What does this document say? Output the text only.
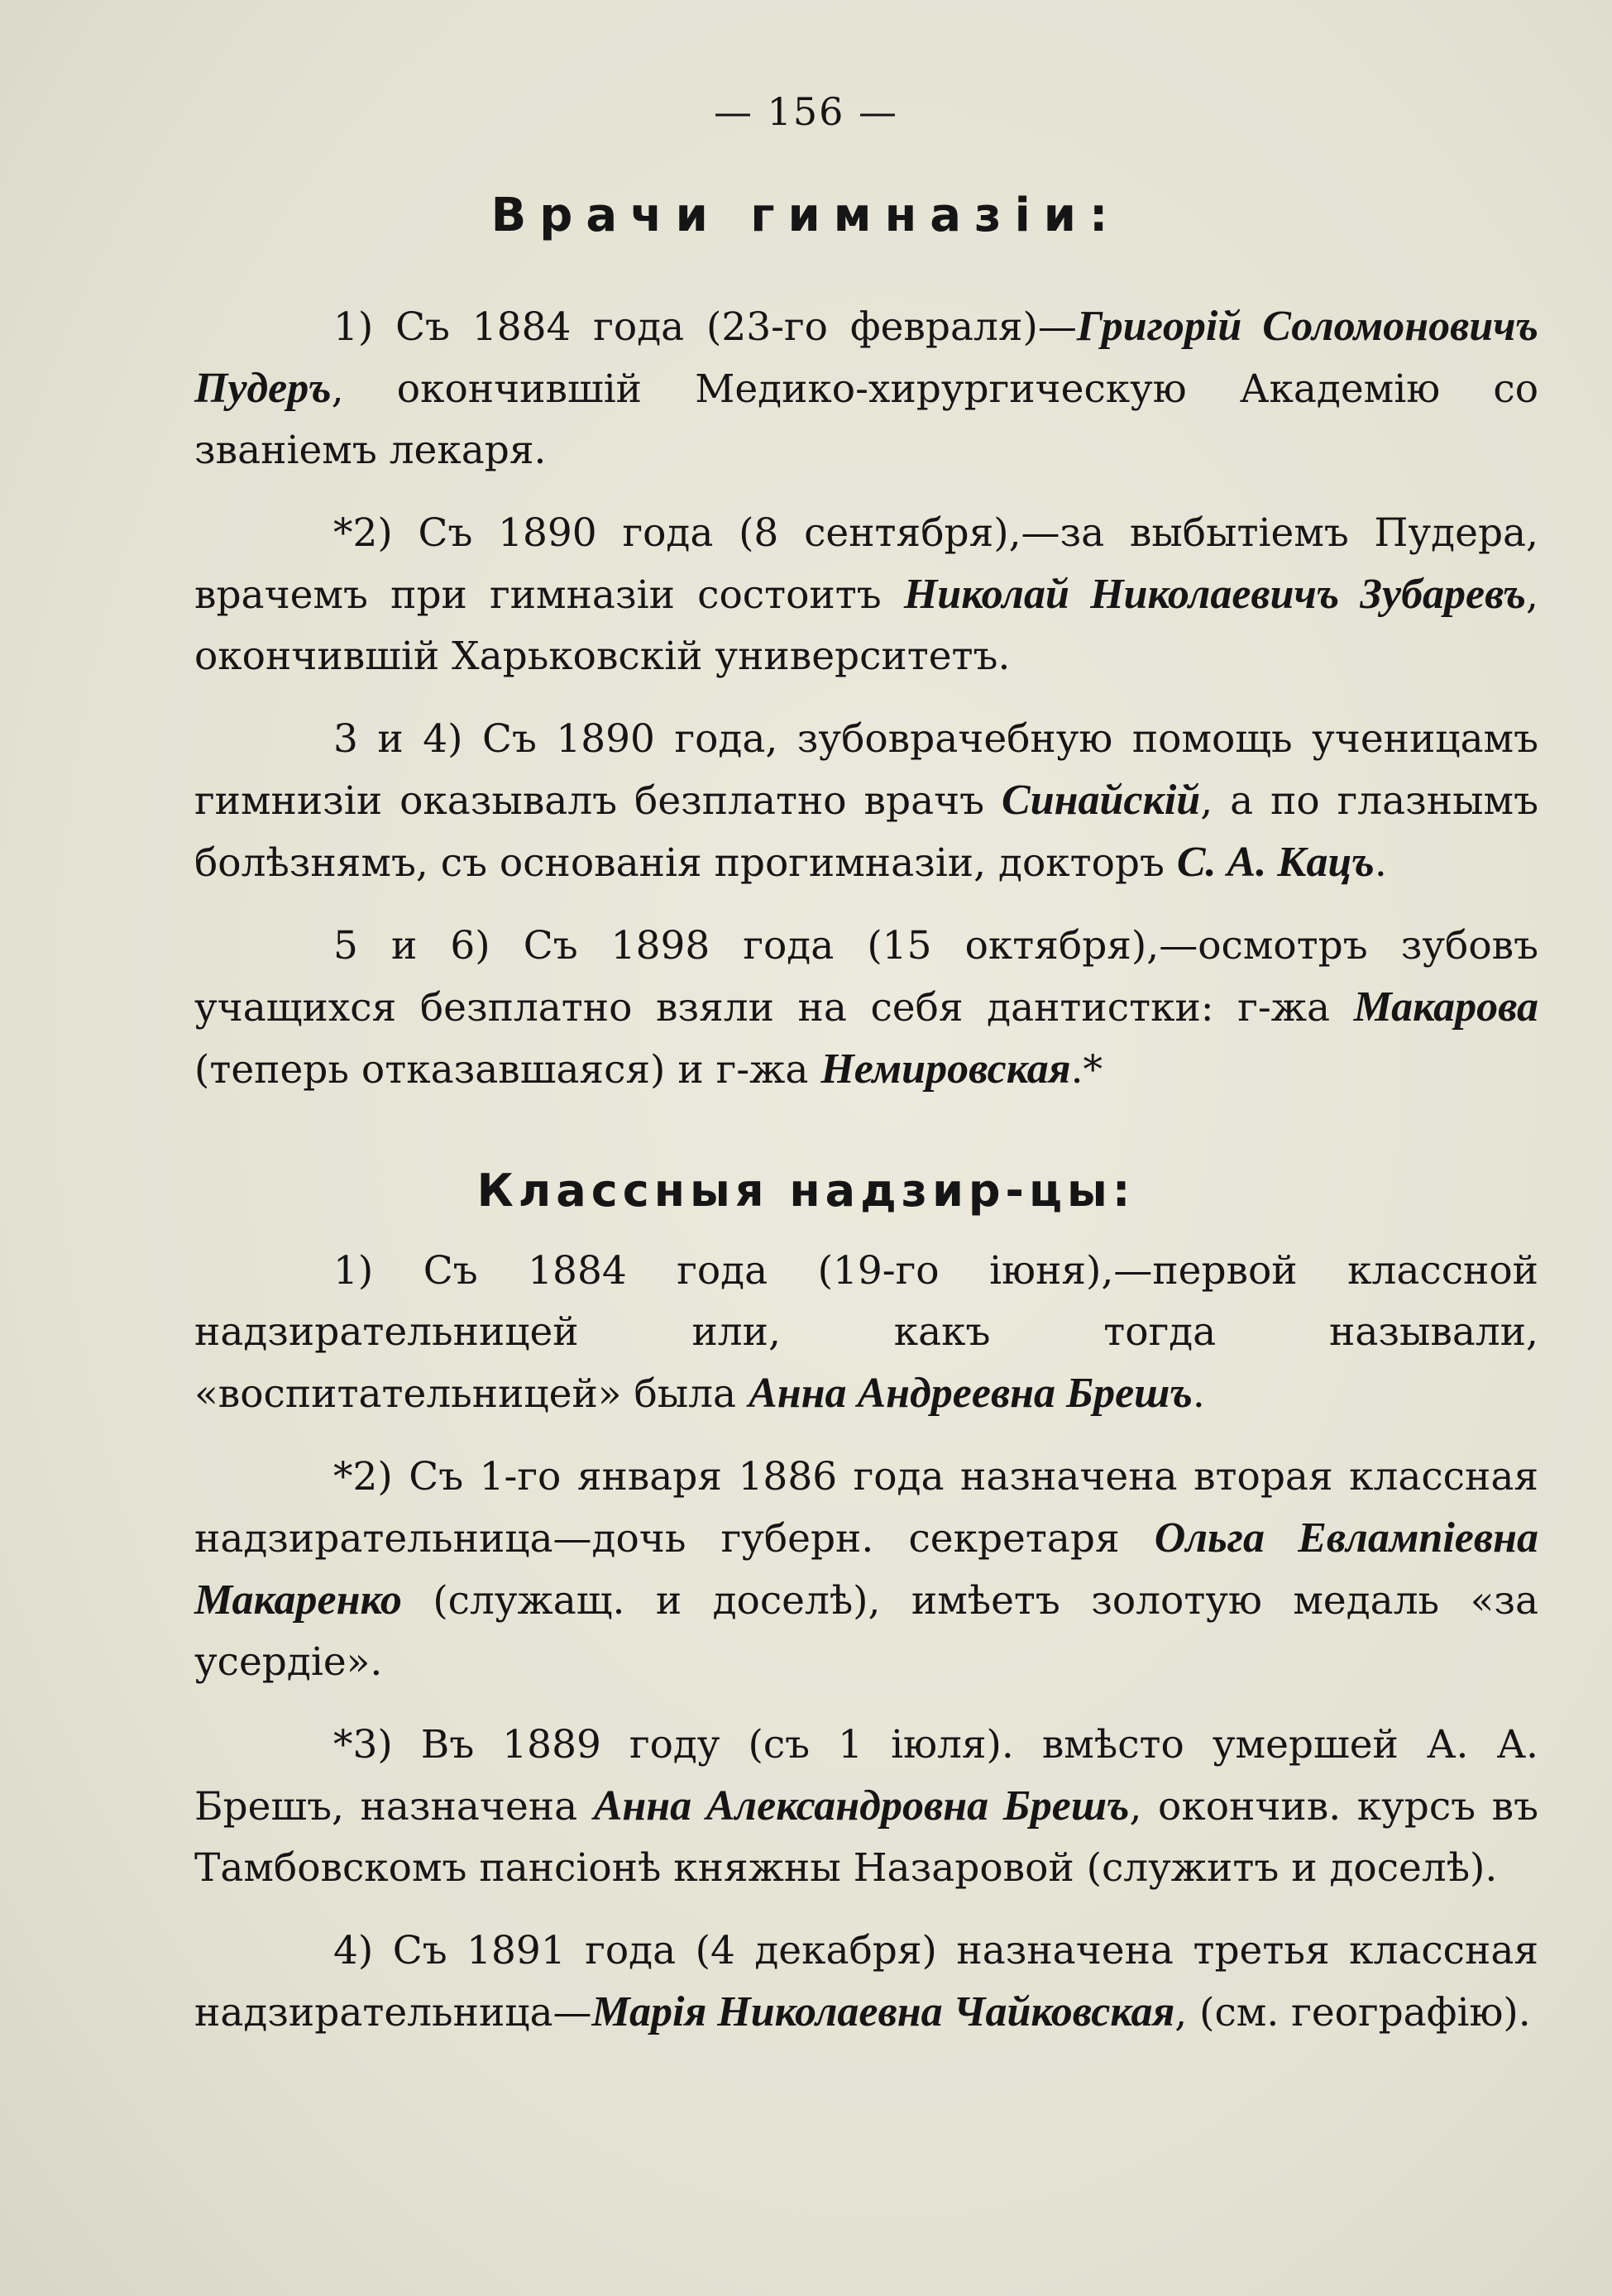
— 156 —
Врачи гимназiи:

1) Съ 1884 года (23-го февраля)—Григорiй Соломоновичъ Пудеръ, окончившiй Медико-хирургическую Академiю со званiемъ лекаря.

*2) Съ 1890 года (8 сентября),—за выбытiемъ Пудера, врачемъ при гимназiи состоитъ Николай Николаевичъ Зубаревъ, окончившiй Харьковскiй университетъ.

3 и 4) Съ 1890 года, зубоврачебную помощь ученицамъ гимнизiи оказывалъ безплатно врачъ Синайскiй, а по глазнымъ болѣзнямъ, съ основанiя прогимназiи, докторъ С. А. Кацъ.

5 и 6) Съ 1898 года (15 октября),—осмотръ зубовъ учащихся безплатно взяли на себя дантистки: г-жа Макарова (теперь отказавшаяся) и г-жа Немировская.*

Классныя надзир-цы:

1) Съ 1884 года (19-го iюня),—первой классной надзирательницей или, какъ тогда называли, «воспитательницей» была Анна Андреевна Брешъ.

*2) Съ 1-го января 1886 года назначена вторая классная надзирательница—дочь губерн. секретаря Ольга Евлампiевна Макаренко (служащ. и доселѣ), имѣетъ золотую медаль «за усердiе».

*3) Въ 1889 году (съ 1 iюля). вмѣсто умершей А. А. Брешъ, назначена Анна Александровна Брешъ, окончив. курсъ въ Тамбовскомъ пансiонѣ княжны Назаровой (служитъ и доселѣ).

4) Съ 1891 года (4 декабря) назначена третья классная надзирательница—Марiя Николаевна Чайковская, (см. географiю).
